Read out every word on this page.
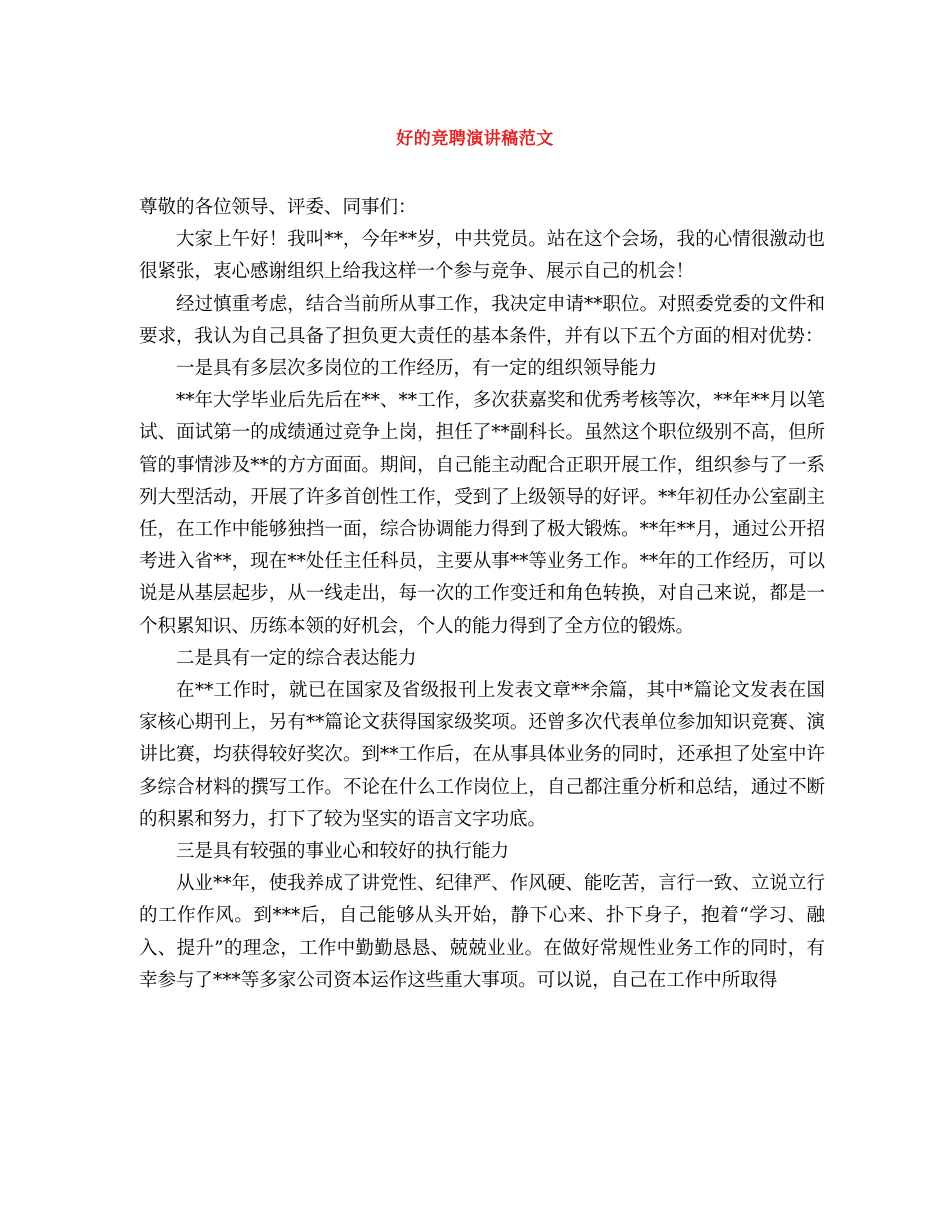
好的竞聘演讲稿范文

尊敬的各位领导、评委、同事们：

大家上午好！我叫**，今年**岁，中共党员。站在这个会场，我的心情很激动也很紧张，衷心感谢组织上给我这样一个参与竞争、展示自己的机会！

经过慎重考虑，结合当前所从事工作，我决定申请**职位。对照委党委的文件和要求，我认为自己具备了担负更大责任的基本条件，并有以下五个方面的相对优势：

一是具有多层次多岗位的工作经历，有一定的组织领导能力

**年大学毕业后先后在**、**工作，多次获嘉奖和优秀考核等次，**年**月以笔试、面试第一的成绩通过竞争上岗，担任了**副科长。虽然这个职位级别不高，但所管的事情涉及**的方方面面。期间，自己能主动配合正职开展工作，组织参与了一系列大型活动，开展了许多首创性工作，受到了上级领导的好评。**年初任办公室副主任，在工作中能够独挡一面，综合协调能力得到了极大锻炼。**年**月，通过公开招考进入省**，现在**处任主任科员，主要从事**等业务工作。**年的工作经历，可以说是从基层起步，从一线走出，每一次的工作变迁和角色转换，对自己来说，都是一个积累知识、历练本领的好机会，个人的能力得到了全方位的锻炼。

二是具有一定的综合表达能力

在**工作时，就已在国家及省级报刊上发表文章**余篇，其中*篇论文发表在国家核心期刊上，另有**篇论文获得国家级奖项。还曾多次代表单位参加知识竞赛、演讲比赛，均获得较好奖次。到**工作后，在从事具体业务的同时，还承担了处室中许多综合材料的撰写工作。不论在什么工作岗位上，自己都注重分析和总结，通过不断的积累和努力，打下了较为坚实的语言文字功底。

三是具有较强的事业心和较好的执行能力

从业**年，使我养成了讲党性、纪律严、作风硬、能吃苦，言行一致、立说立行的工作作风。到***后，自己能够从头开始，静下心来、扑下身子，抱着“学习、融入、提升”的理念，工作中勤勤恳恳、兢兢业业。在做好常规性业务工作的同时，有幸参与了***等多家公司资本运作这些重大事项。可以说，自己在工作中所取得
